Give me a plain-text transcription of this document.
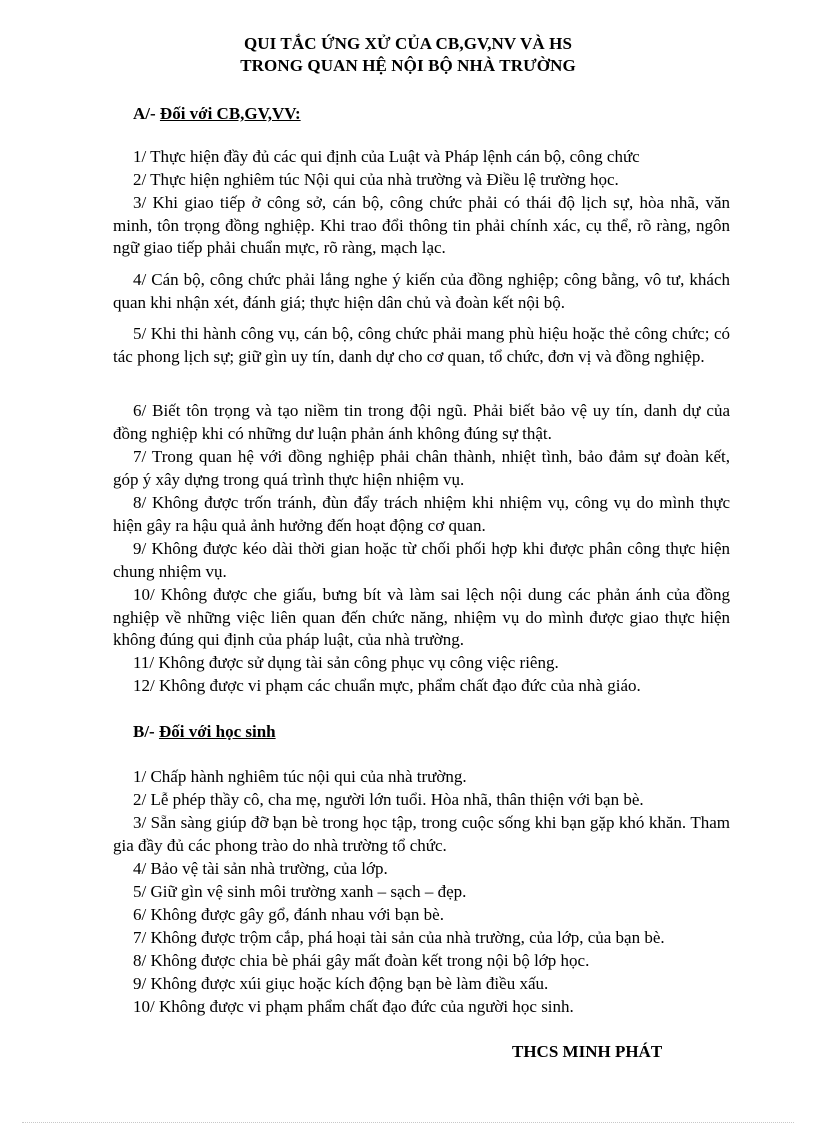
QUI TẮC ỨNG XỬ CỦA CB,GV,NV VÀ HS
TRONG QUAN HỆ NỘI BỘ NHÀ TRƯỜNG
A/- Đối với CB,GV,VV:
1/ Thực hiện đầy đủ các qui định của Luật và Pháp lệnh cán bộ, công chức
2/ Thực hiện nghiêm túc Nội qui của nhà trường và Điều lệ trường học.
3/ Khi giao tiếp ở công sở, cán bộ, công chức phải có thái độ lịch sự, hòa nhã, văn minh, tôn trọng đồng nghiệp. Khi trao đổi thông tin phải chính xác, cụ thể, rõ ràng, ngôn ngữ giao tiếp phải chuẩn mực, rõ ràng, mạch lạc.
4/ Cán bộ, công chức phải lắng nghe ý kiến của đồng nghiệp; công bằng, vô tư, khách quan khi nhận xét, đánh giá; thực hiện dân chủ và đoàn kết nội bộ.
5/ Khi thi hành công vụ, cán bộ, công chức phải mang phù hiệu hoặc thẻ công chức; có tác phong lịch sự; giữ gìn uy tín, danh dự cho cơ quan, tổ chức, đơn vị và đồng nghiệp.
6/ Biết tôn trọng và tạo niềm tin trong đội ngũ. Phải biết bảo vệ uy tín, danh dự của đồng nghiệp khi có những dư luận phản ánh không đúng sự thật.
7/ Trong quan hệ với đồng nghiệp phải chân thành, nhiệt tình, bảo đảm sự đoàn kết, góp ý xây dựng trong quá trình thực hiện nhiệm vụ.
8/ Không được trốn tránh, đùn đẩy trách nhiệm khi nhiệm vụ, công vụ do mình thực hiện gây ra hậu quả ảnh hưởng đến hoạt động cơ quan.
9/ Không được kéo dài thời gian hoặc từ chối phối hợp khi được phân công thực hiện chung nhiệm vụ.
10/ Không được che giấu, bưng bít và làm sai lệch nội dung các phản ánh của đồng nghiệp về những việc liên quan đến chức năng, nhiệm vụ do mình được giao thực hiện không đúng qui định của pháp luật, của nhà trường.
11/ Không được sử dụng tài sản công phục vụ công việc riêng.
12/ Không được vi phạm các chuẩn mực, phẩm chất đạo đức của nhà giáo.
B/- Đối với học sinh
1/ Chấp hành nghiêm túc nội qui của nhà trường.
2/ Lễ phép thầy cô, cha mẹ, người lớn tuổi. Hòa nhã, thân thiện với bạn bè.
3/ Sẵn sàng giúp đỡ bạn bè trong học tập, trong cuộc sống khi bạn gặp khó khăn. Tham gia đầy đủ các phong trào do nhà trường tổ chức.
4/ Bảo vệ tài sản nhà trường, của lớp.
5/ Giữ gìn vệ sinh môi trường xanh – sạch – đẹp.
6/ Không được gây gổ, đánh nhau với bạn bè.
7/ Không được trộm cắp, phá hoại tài sản của nhà trường, của lớp, của bạn bè.
8/ Không được chia bè phái gây mất đoàn kết trong nội bộ lớp học.
9/ Không được xúi giục hoặc kích động bạn bè làm điều xấu.
10/ Không được vi phạm phẩm chất đạo đức của người học sinh.
THCS MINH PHÁT
